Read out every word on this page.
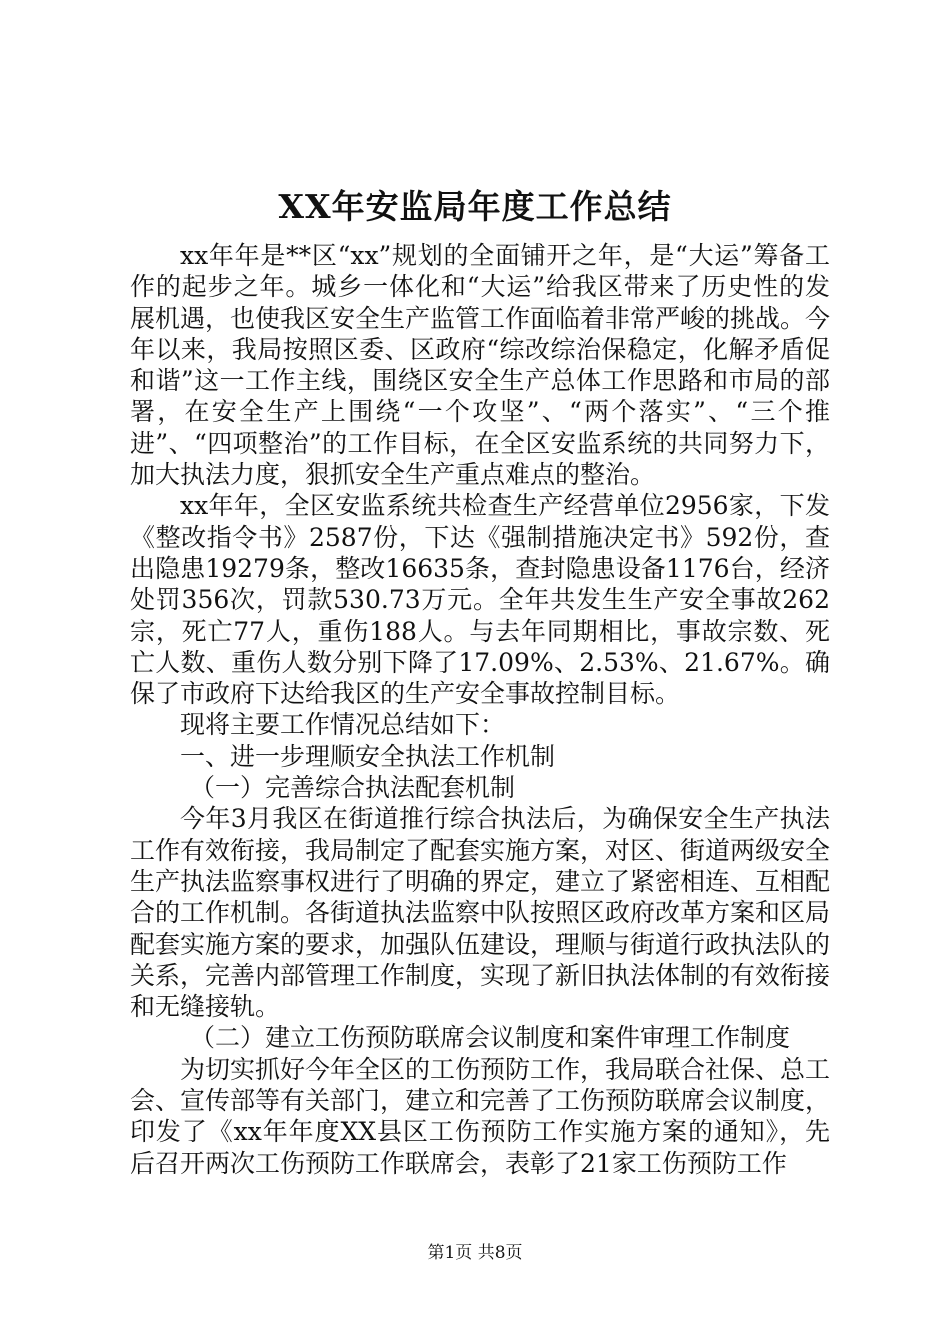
XX年安监局年度工作总结

xx年年是**区“xx”规划的全面铺开之年，是“大运”筹备工作的起步之年。城乡一体化和“大运”给我区带来了历史性的发展机遇，也使我区安全生产监管工作面临着非常严峻的挑战。今年以来，我局按照区委、区政府“综改综治保稳定，化解矛盾促和谐”这一工作主线，围绕区安全生产总体工作思路和市局的部署，在安全生产上围绕“一个攻坚”、“两个落实”、“三个推进”、“四项整治”的工作目标，在全区安监系统的共同努力下，加大执法力度，狠抓安全生产重点难点的整治。

xx年年，全区安监系统共检查生产经营单位2956家，下发《整改指令书》2587份，下达《强制措施决定书》592份，查出隐患19279条，整改16635条，查封隐患设备1176台，经济处罚356次，罚款530.73万元。全年共发生生产安全事故262宗，死亡77人，重伤188人。与去年同期相比，事故宗数、死亡人数、重伤人数分别下降了17.09%、2.53%、21.67%。确保了市政府下达给我区的生产安全事故控制目标。

现将主要工作情况总结如下：

一、进一步理顺安全执法工作机制

（一）完善综合执法配套机制

今年3月我区在街道推行综合执法后，为确保安全生产执法工作有效衔接，我局制定了配套实施方案，对区、街道两级安全生产执法监察事权进行了明确的界定，建立了紧密相连、互相配合的工作机制。各街道执法监察中队按照区政府改革方案和区局配套实施方案的要求，加强队伍建设，理顺与街道行政执法队的关系，完善内部管理工作制度，实现了新旧执法体制的有效衔接和无缝接轨。

（二）建立工伤预防联席会议制度和案件审理工作制度

为切实抓好今年全区的工伤预防工作，我局联合社保、总工会、宣传部等有关部门，建立和完善了工伤预防联席会议制度，印发了《xx年年度XX县区工伤预防工作实施方案的通知》，先后召开两次工伤预防工作联席会，表彰了21家工伤预防工作

第1页 共8页
